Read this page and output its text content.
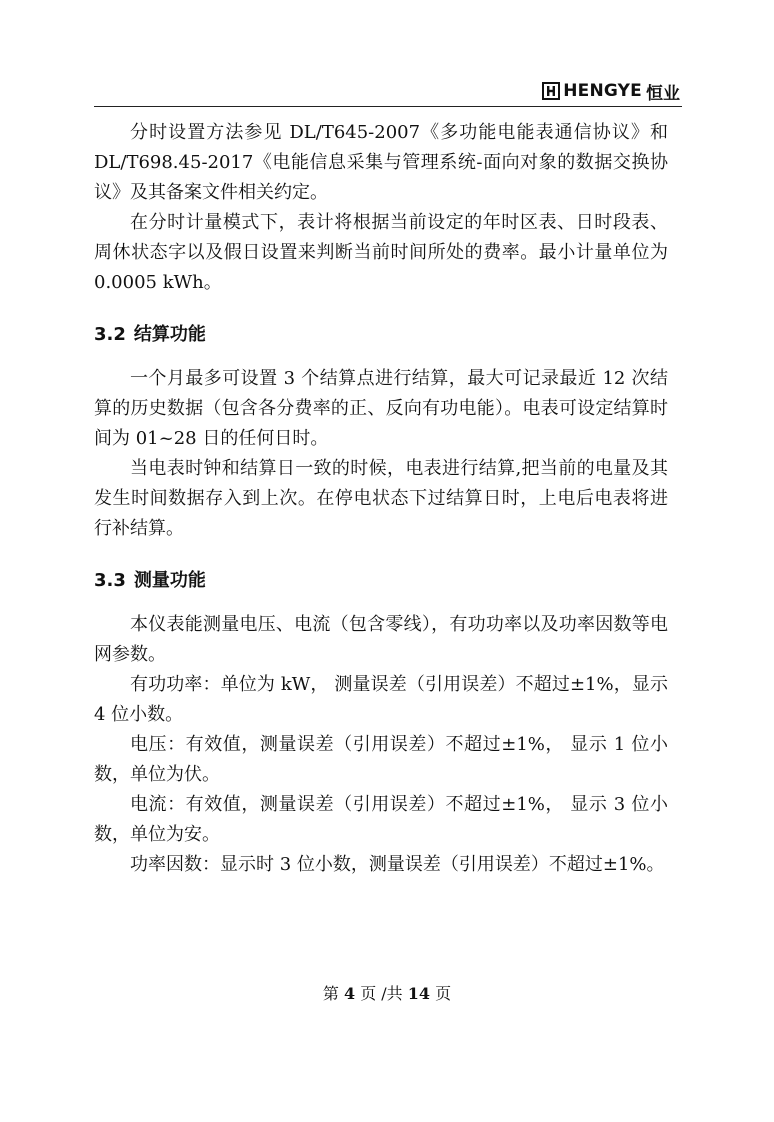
HENGYE 恒业

分时设置方法参见 DL/T645-2007《多功能电能表通信协议》和 DL/T698.45-2017《电能信息采集与管理系统-面向对象的数据交换协议》及其备案文件相关约定。

在分时计量模式下，表计将根据当前设定的年时区表、日时段表、周休状态字以及假日设置来判断当前时间所处的费率。最小计量单位为 0.0005 kWh。

3.2 结算功能

一个月最多可设置 3 个结算点进行结算，最大可记录最近 12 次结算的历史数据（包含各分费率的正、反向有功电能）。电表可设定结算时间为 01~28 日的任何日时。

当电表时钟和结算日一致的时候，电表进行结算,把当前的电量及其发生时间数据存入到上次。在停电状态下过结算日时，上电后电表将进行补结算。

3.3 测量功能

本仪表能测量电压、电流（包含零线），有功功率以及功率因数等电网参数。

有功功率：单位为 kW， 测量误差（引用误差）不超过±1%，显示 4 位小数。

电压：有效值，测量误差（引用误差）不超过±1%， 显示 1 位小数，单位为伏。

电流：有效值，测量误差（引用误差）不超过±1%， 显示 3 位小数，单位为安。

功率因数：显示时 3 位小数，测量误差（引用误差）不超过±1%。

第 4 页 /共 14 页
